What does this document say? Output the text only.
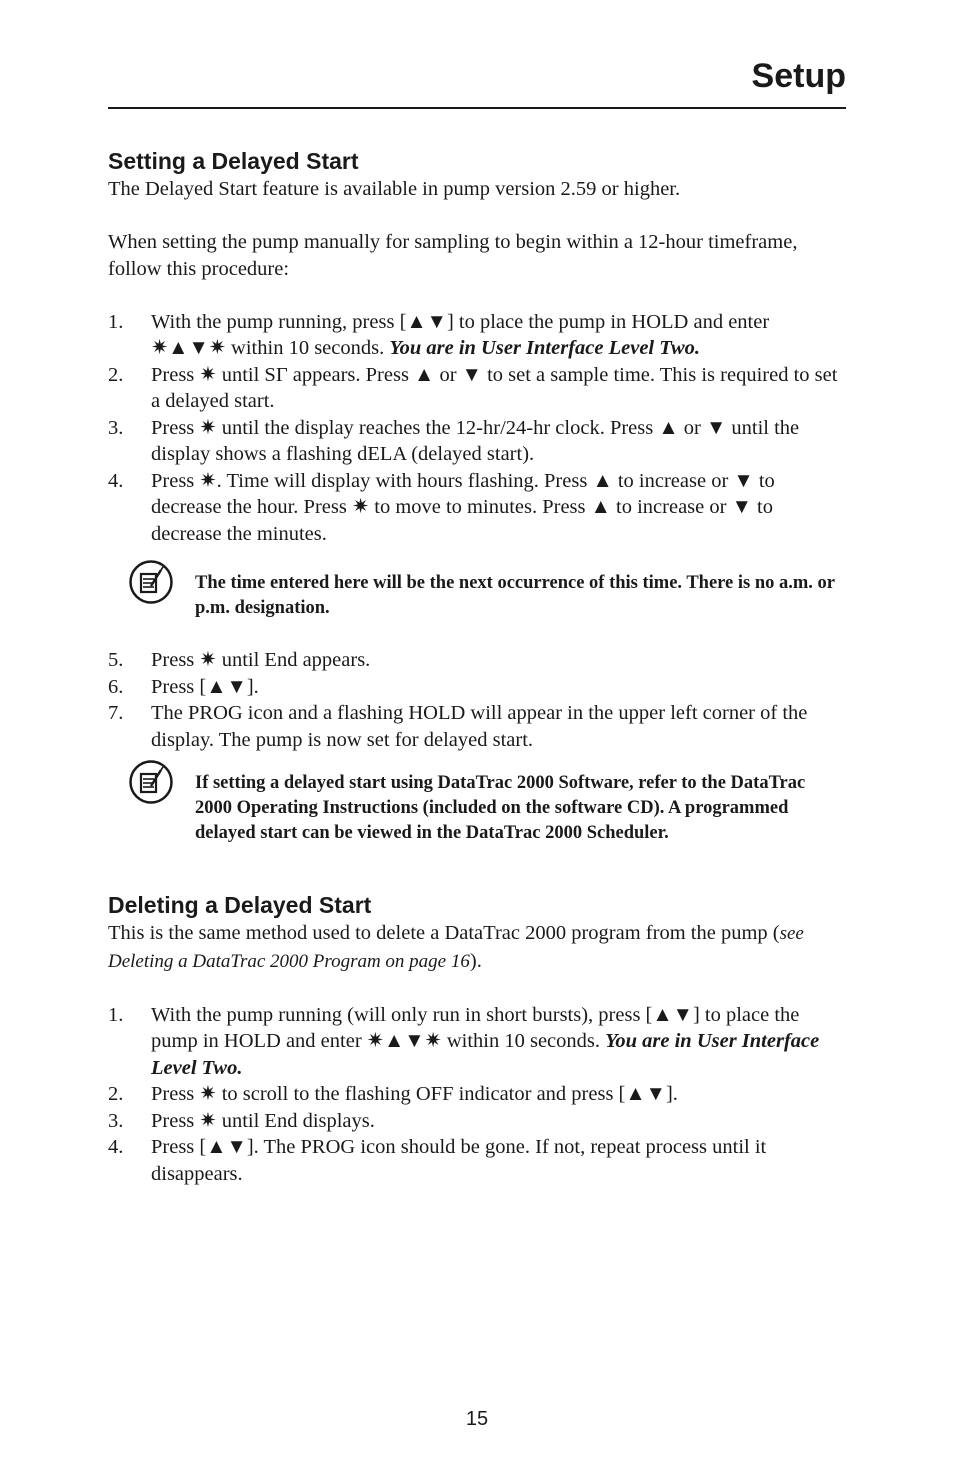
Setup
Setting a Delayed Start

The Delayed Start feature is available in pump version 2.59 or higher.

When setting the pump manually for sampling to begin within a 12-hour timeframe, follow this procedure:

1. With the pump running, press [▲▼] to place the pump in HOLD and enter ✷▲▼✷ within 10 seconds. You are in User Interface Level Two.
2. Press ✷ until SΓ appears. Press ▲ or ▼ to set a sample time. This is required to set a delayed start.
3. Press ✷ until the display reaches the 12-hr/24-hr clock. Press ▲ or ▼ until the display shows a flashing dELA (delayed start).
4. Press ✷. Time will display with hours flashing. Press ▲ to increase or ▼ to decrease the hour. Press ✷ to move to minutes. Press ▲ to increase or ▼ to decrease the minutes.
The time entered here will be the next occurrence of this time. There is no a.m. or p.m. designation.
5. Press ✷ until End appears.
6. Press [▲▼].
7. The PROG icon and a flashing HOLD will appear in the upper left corner of the display. The pump is now set for delayed start.
If setting a delayed start using DataTrac 2000 Software, refer to the DataTrac 2000 Operating Instructions (included on the software CD). A programmed delayed start can be viewed in the DataTrac 2000 Scheduler.
Deleting a Delayed Start

This is the same method used to delete a DataTrac 2000 program from the pump (see Deleting a DataTrac 2000 Program on page 16).

1. With the pump running (will only run in short bursts), press [▲▼] to place the pump in HOLD and enter ✷▲▼✷ within 10 seconds. You are in User Interface Level Two.
2. Press ✷ to scroll to the flashing OFF indicator and press [▲▼].
3. Press ✷ until End displays.
4. Press [▲▼]. The PROG icon should be gone. If not, repeat process until it disappears.
15
